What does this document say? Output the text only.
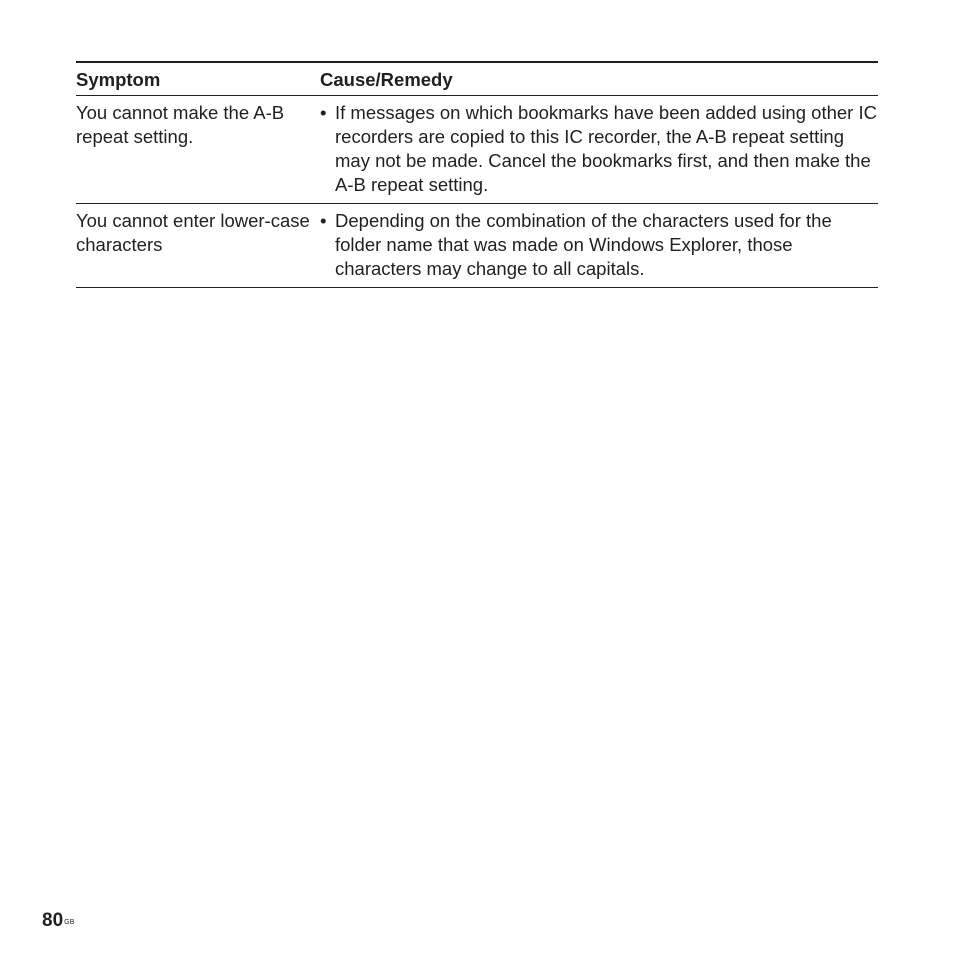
Symptom	Cause/Remedy
You cannot make the A-B repeat setting.
• If messages on which bookmarks have been added using other IC recorders are copied to this IC recorder, the A-B repeat setting may not be made. Cancel the bookmarks first, and then make the A-B repeat setting.
You cannot enter lower-case characters
• Depending on the combination of the characters used for the folder name that was made on Windows Explorer, those characters may change to all capitals.
$80^{GB}$
